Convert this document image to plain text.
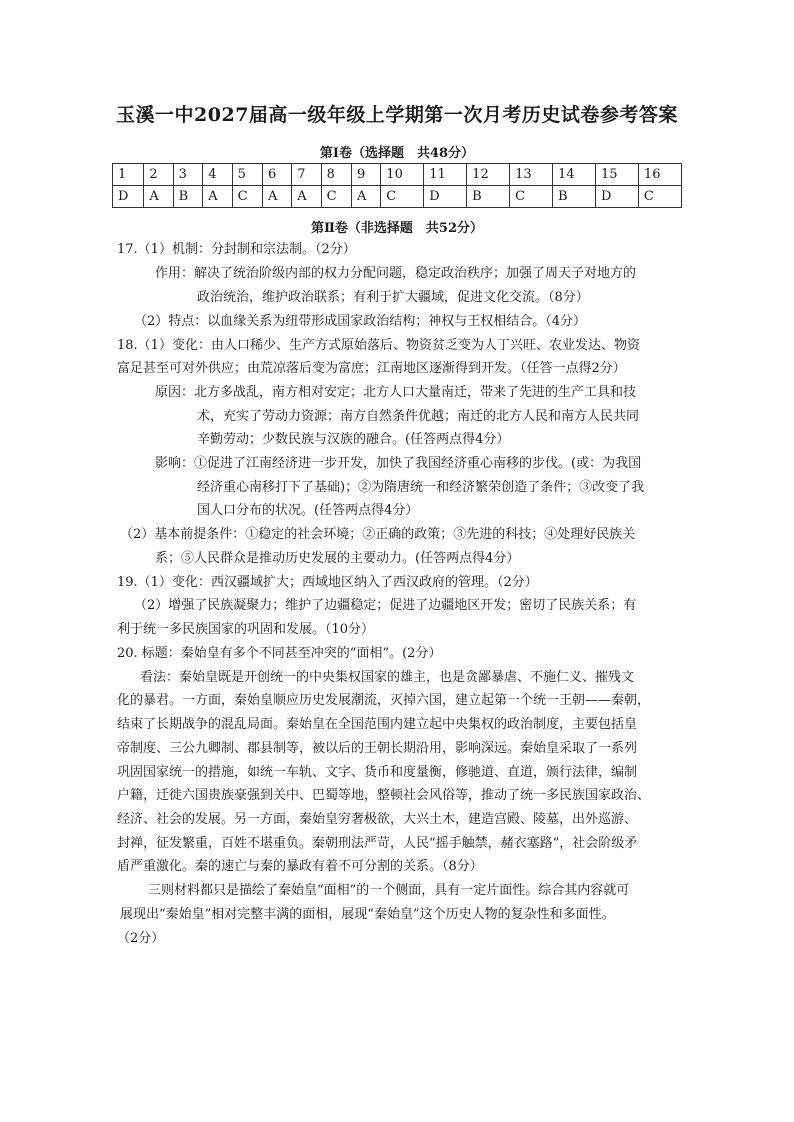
玉溪一中2027届高一级年级上学期第一次月考历史试卷参考答案
第Ⅰ卷（选择题　共48分）
1	2	3	4	5	6	7	8	9	10	11	12	13	14	15	16
D	A	B	A	C	A	A	C	A	C	D	B	C	B	D	C
第Ⅱ卷（非选择题　共52分）
17.（1）机制：分封制和宗法制。（2分）
作用：解决了统治阶级内部的权力分配问题，稳定政治秩序；加强了周天子对地方的
政治统治，维护政治联系；有利于扩大疆域，促进文化交流。（8分）
（2）特点：以血缘关系为纽带形成国家政治结构；神权与王权相结合。（4分）
18.（1）变化：由人口稀少、生产方式原始落后、物资贫乏变为人丁兴旺、农业发达、物资
富足甚至可对外供应；由荒凉落后变为富庶；江南地区逐渐得到开发。（任答一点得2分）
原因：北方多战乱，南方相对安定；北方人口大量南迁，带来了先进的生产工具和技
术，充实了劳动力资源；南方自然条件优越；南迁的北方人民和南方人民共同
辛勤劳动；少数民族与汉族的融合。(任答两点得4分）
影响：①促进了江南经济进一步开发，加快了我国经济重心南移的步伐。(或：为我国
经济重心南移打下了基础)；②为隋唐统一和经济繁荣创造了条件；③改变了我
国人口分布的状况。(任答两点得4分）
（2）基本前提条件：①稳定的社会环境；②正确的政策；③先进的科技；④处理好民族关
系；⑤人民群众是推动历史发展的主要动力。(任答两点得4分）
19.（1）变化：西汉疆域扩大；西域地区纳入了西汉政府的管理。（2分）
（2）增强了民族凝聚力；维护了边疆稳定；促进了边疆地区开发；密切了民族关系；有
利于统一多民族国家的巩固和发展。（10分）
20. 标题：秦始皇有多个不同甚至冲突的“面相”。(2分）
看法：秦始皇既是开创统一的中央集权国家的雄主，也是贪鄙暴虐、不施仁义、摧残文
化的暴君。一方面，秦始皇顺应历史发展潮流，灭掉六国，建立起第一个统一王朝——秦朝，
结束了长期战争的混乱局面。秦始皇在全国范围内建立起中央集权的政治制度，主要包括皇
帝制度、三公九卿制、郡县制等，被以后的王朝长期沿用，影响深远。秦始皇采取了一系列
巩固国家统一的措施，如统一车轨、文字、货币和度量衡，修驰道、直道，颁行法律，编制
户籍，迁徙六国贵族豪强到关中、巴蜀等地，整顿社会风俗等，推动了统一多民族国家政治、
经济、社会的发展。另一方面，秦始皇穷奢极欲，大兴土木，建造宫殿、陵墓，出外巡游、
封禅，征发繁重，百姓不堪重负。秦朝刑法严苛，人民“摇手触禁，赭衣塞路”，社会阶级矛
盾严重激化。秦的速亡与秦的暴政有着不可分割的关系。（8分）
三则材料都只是描绘了秦始皇“面相”的一个侧面，具有一定片面性。综合其内容就可
展现出“秦始皇”相对完整丰满的面相，展现“秦始皇”这个历史人物的复杂性和多面性。
（2分）
